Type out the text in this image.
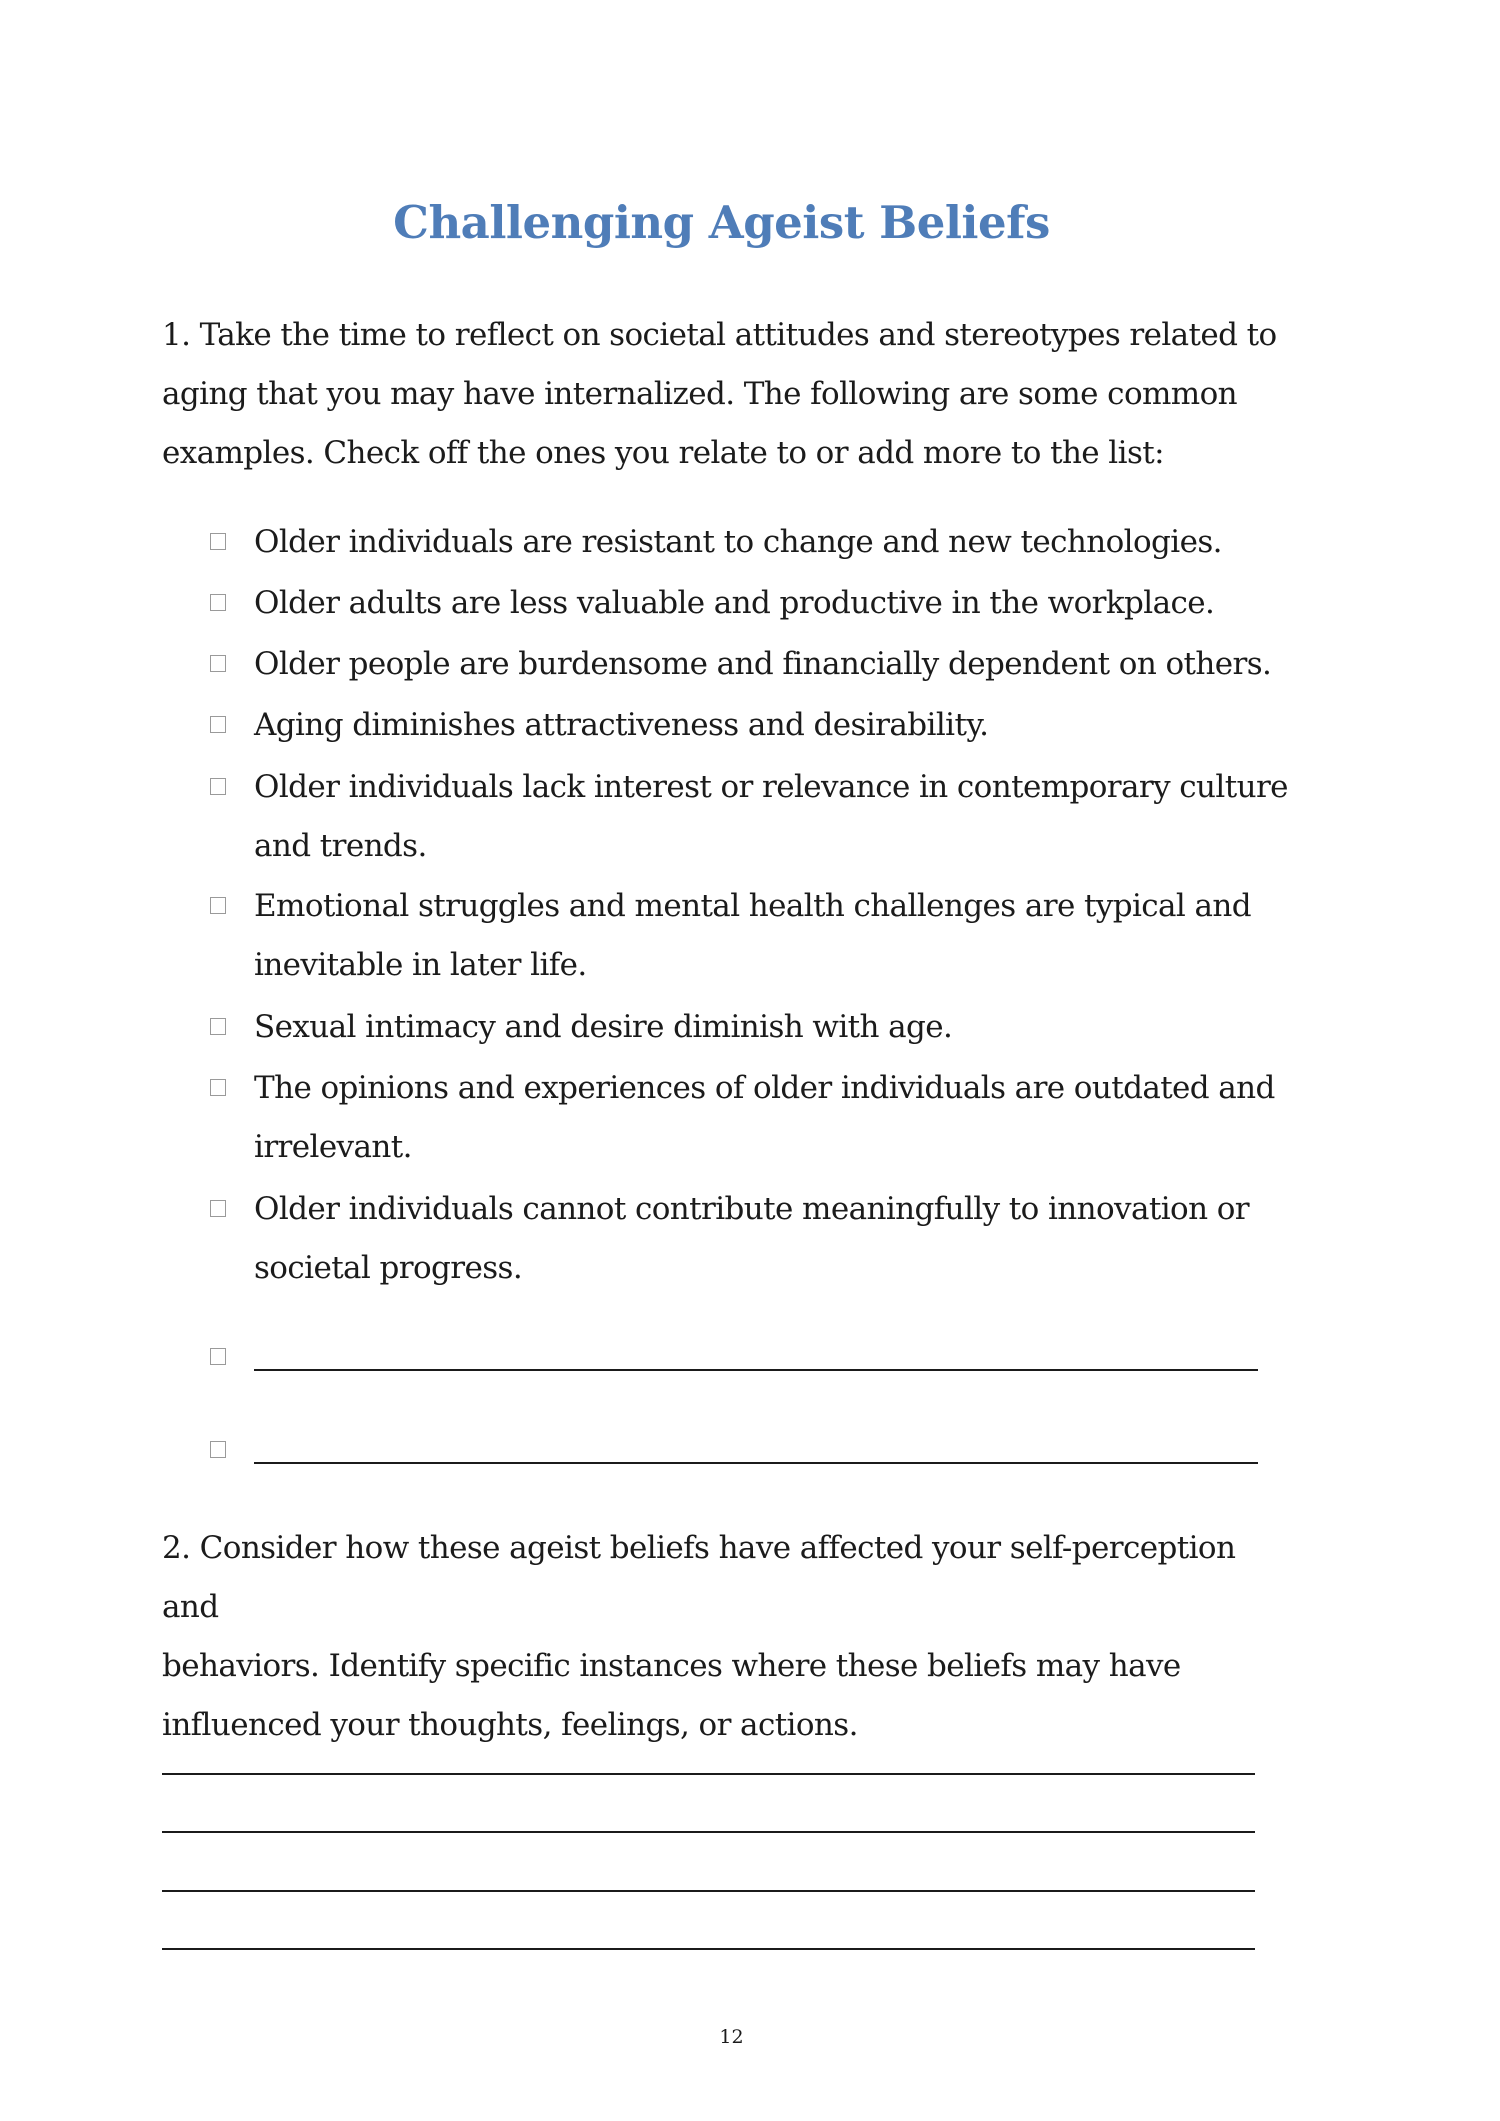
Challenging Ageist Beliefs
1. Take the time to reflect on societal attitudes and stereotypes related to
aging that you may have internalized. The following are some common
examples. Check off the ones you relate to or add more to the list:
Older individuals are resistant to change and new technologies.
Older adults are less valuable and productive in the workplace.
Older people are burdensome and financially dependent on others.
Aging diminishes attractiveness and desirability.
Older individuals lack interest or relevance in contemporary culture
and trends.
Emotional struggles and mental health challenges are typical and
inevitable in later life.
Sexual intimacy and desire diminish with age.
The opinions and experiences of older individuals are outdated and
irrelevant.
Older individuals cannot contribute meaningfully to innovation or
societal progress.
2. Consider how these ageist beliefs have affected your self-perception and
behaviors. Identify specific instances where these beliefs may have
influenced your thoughts, feelings, or actions.
12
